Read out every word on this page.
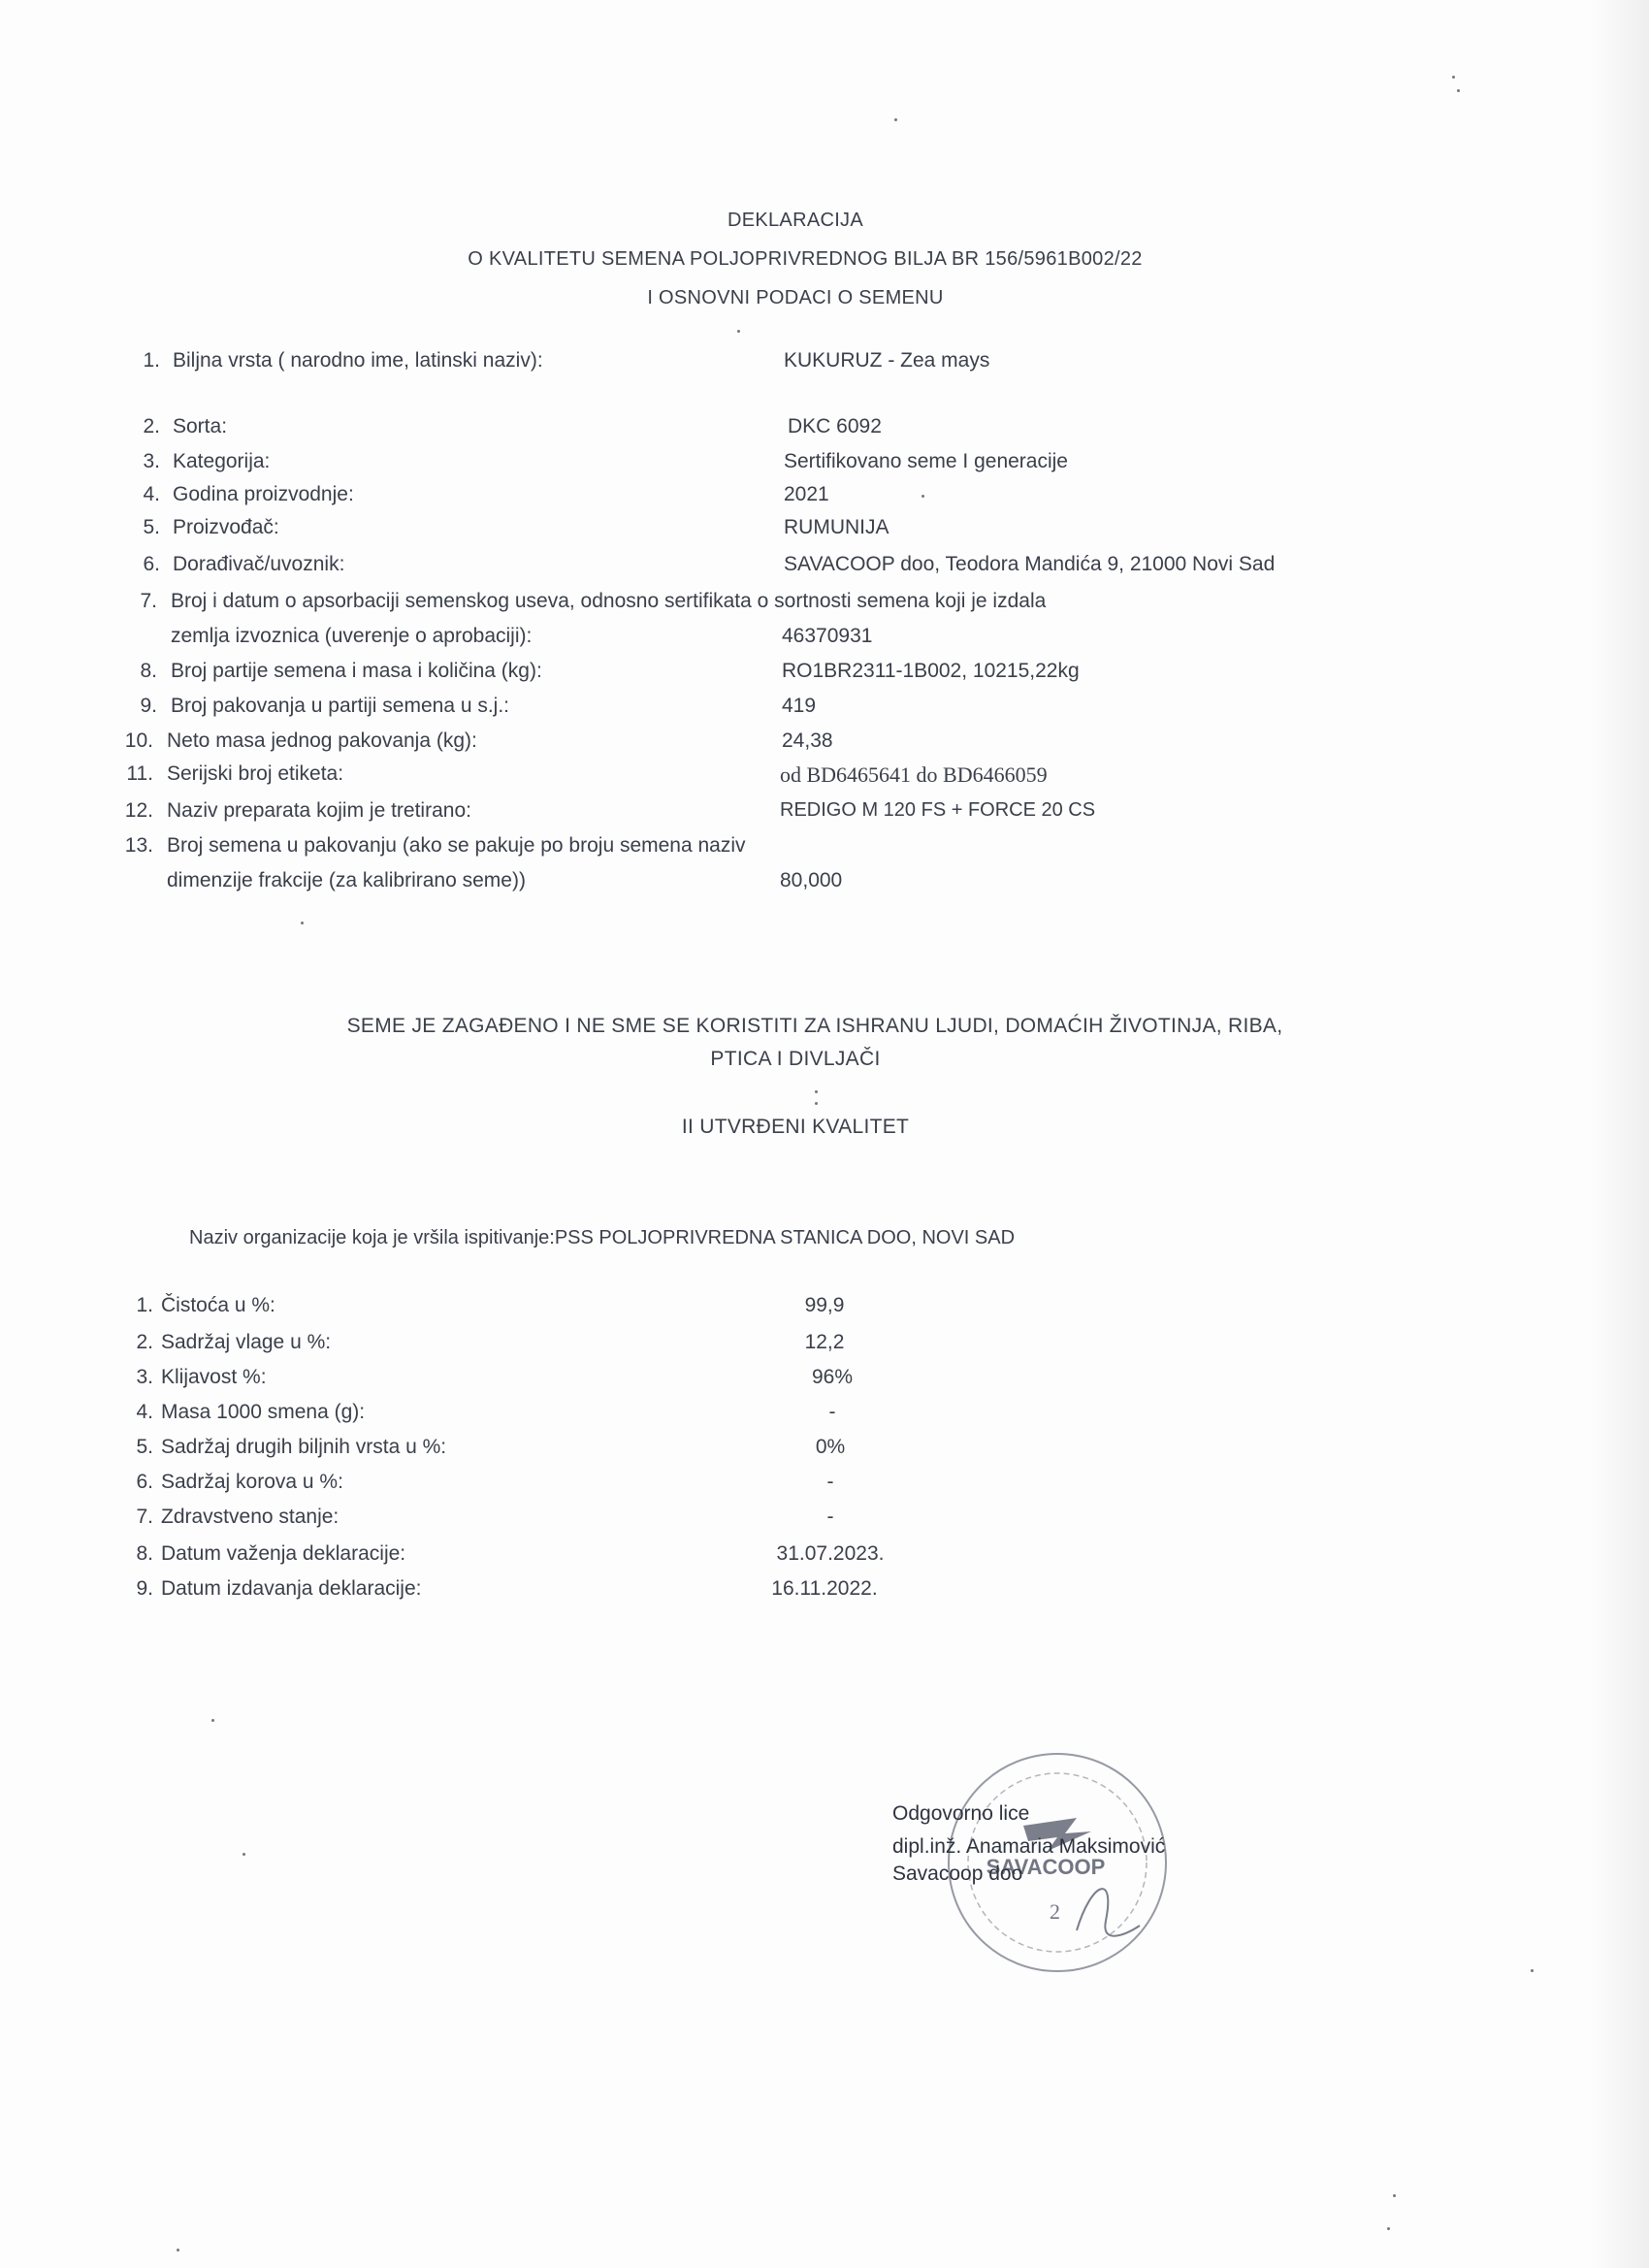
DEKLARACIJA
O KVALITETU SEMENA POLJOPRIVREDNOG BILJA BR 156/5961B002/22
I OSNOVNI PODACI O SEMENU
1. Biljna vrsta ( narodno ime, latinski naziv):	KUKURUZ - Zea mays
2. Sorta:	DKC 6092
3. Kategorija:	Sertifikovano seme I generacije
4. Godina proizvodnje:	2021
5. Proizvođač:	RUMUNIJA
6. Dorađivač/uvoznik:	SAVACOOP doo, Teodora Mandića 9, 21000 Novi Sad
7. Broj i datum o apsorbaciji semenskog useva, odnosno sertifikata o sortnosti semena koji je izdala
zemlja izvoznica (uverenje o aprobaciji):	46370931
8. Broj partije semena i masa i količina (kg):	RO1BR2311-1B002, 10215,22kg
9. Broj pakovanja u partiji semena u s.j.:	419
10. Neto masa jednog pakovanja (kg):	24,38
11. Serijski broj etiketa:	od BD6465641 do BD6466059
12. Naziv preparata kojim je tretirano:	REDIGO M 120 FS + FORCE 20 CS
13. Broj semena u pakovanju (ako se pakuje po broju semena naziv
dimenzije frakcije (za kalibrirano seme))	80,000
SEME JE ZAGAĐENO I NE SME SE KORISTITI ZA ISHRANU LJUDI, DOMAĆIH ŽIVOTINJA, RIBA,
PTICA I DIVLJAČI
II UTVRĐENI KVALITET
Naziv organizacije koja je vršila ispitivanje:PSS POLJOPRIVREDNA STANICA DOO, NOVI SAD
1. Čistoća u %:	99,9
2. Sadržaj vlage u %:	12,2
3. Klijavost %:	96%
4. Masa 1000 smena (g):	-
5. Sadržaj drugih biljnih vrsta u %:	0%
6. Sadržaj korova u %:	-
7. Zdravstveno stanje:	-
8. Datum važenja deklaracije:	31.07.2023.
9. Datum izdavanja deklaracije:	16.11.2022.
SAVACOOP
2
Odgovorno lice
dipl.inž. Anamaria Maksimović
Savacoop doo
